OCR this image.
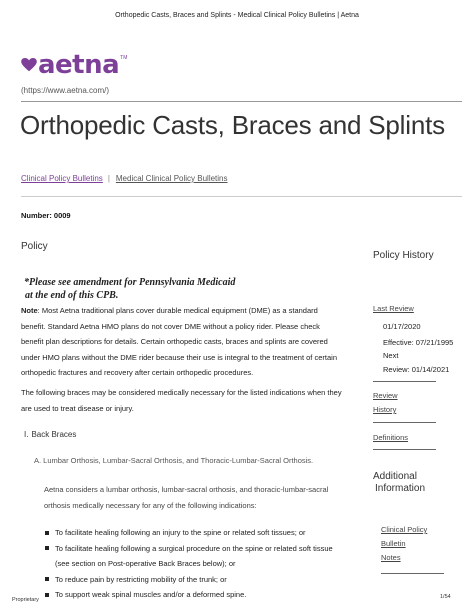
Orthopedic Casts, Braces and Splints - Medical Clinical Policy Bulletins | Aetna
aetna TM
(https://www.aetna.com/)
Orthopedic Casts, Braces and Splints
Clinical Policy Bulletins | Medical Clinical Policy Bulletins
Number: 0009
Policy
*Please see amendment for Pennsylvania Medicaid
at the end of this CPB.
Note: Most Aetna traditional plans cover durable medical equipment (DME) as a standard benefit. Standard Aetna HMO plans do not cover DME without a policy rider. Please check benefit plan descriptions for details. Certain orthopedic casts, braces and splints are covered under HMO plans without the DME rider because their use is integral to the treatment of certain orthopedic fractures and recovery after certain orthopedic procedures.
The following braces may be considered medically necessary for the listed indications when they are used to treat disease or injury.
I. Back Braces
A. Lumbar Orthosis, Lumbar-Sacral Orthosis, and Thoracic-Lumbar-Sacral Orthosis.
Aetna considers a lumbar orthosis, lumbar-sacral orthosis, and thoracic-lumbar-sacral orthosis medically necessary for any of the following indications:
To facilitate healing following an injury to the spine or related soft tissues; or
To facilitate healing following a surgical procedure on the spine or related soft tissue (see section on Post-operative Back Braces below); or
To reduce pain by restricting mobility of the trunk; or
To support weak spinal muscles and/or a deformed spine.
Policy History
Last Review
01/17/2020
Effective: 07/21/1995
Next
Review: 01/14/2021
Review
History
Definitions
Additional
Information
Clinical Policy
Bulletin
Notes
Proprietary	1/54
